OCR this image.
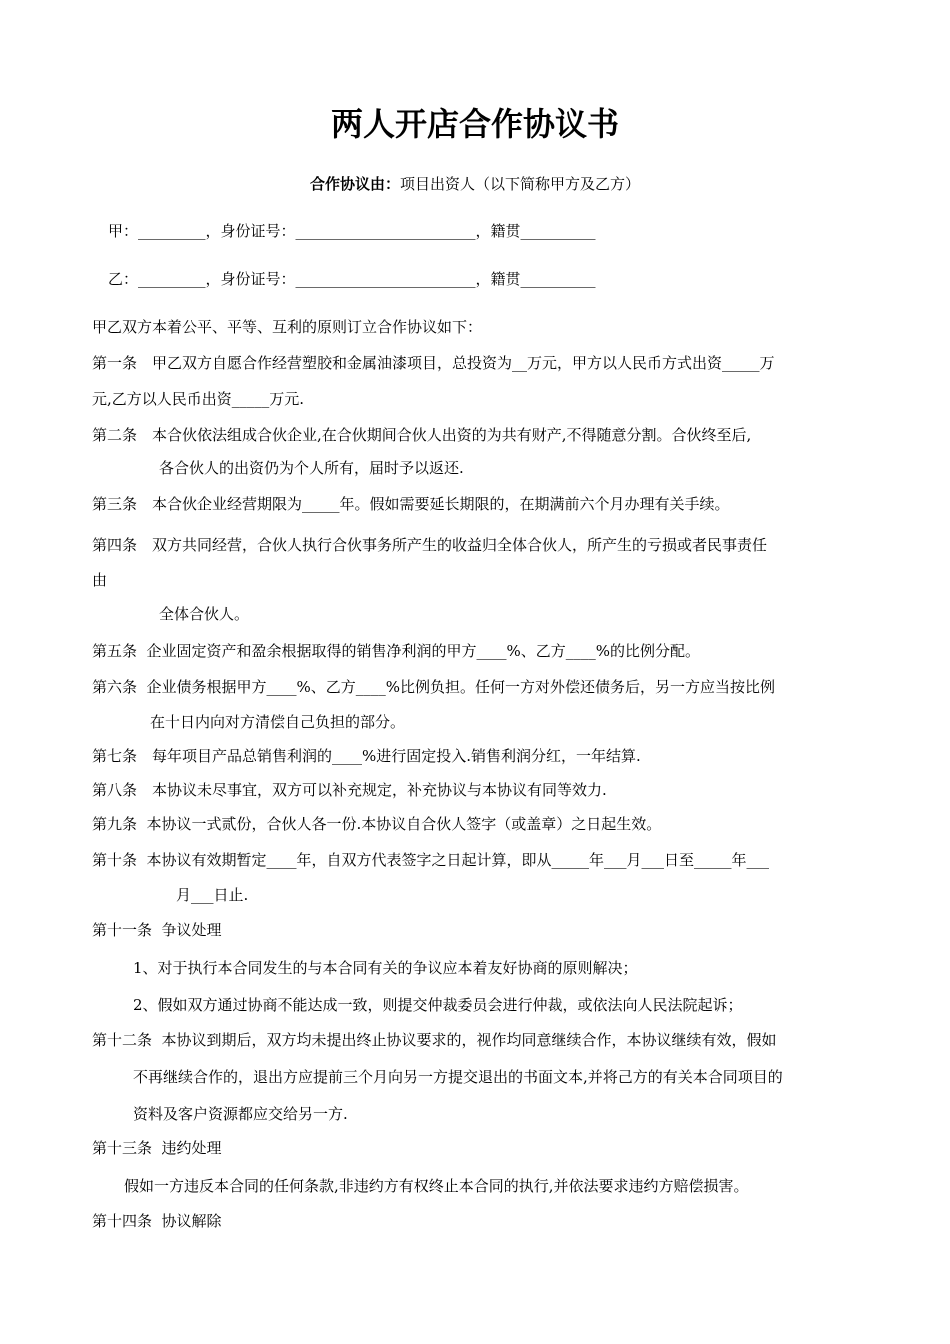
两人开店合作协议书
合作协议由：项目出资人（以下简称甲方及乙方）
甲：_________，身份证号：________________________，籍贯__________
乙：_________，身份证号：________________________，籍贯__________
甲乙双方本着公平、平等、互利的原则订立合作协议如下：
第一条　甲乙双方自愿合作经营塑胶和金属油漆项目，总投资为__万元，甲方以人民币方式出资_____万
元,乙方以人民币出资_____万元.
第二条　本合伙依法组成合伙企业,在合伙期间合伙人出资的为共有财产,不得随意分割。合伙终至后,
各合伙人的出资仍为个人所有，届时予以返还.
第三条　本合伙企业经营期限为_____年。假如需要延长期限的，在期满前六个月办理有关手续。
第四条　双方共同经营，合伙人执行合伙事务所产生的收益归全体合伙人，所产生的亏损或者民事责任
由
全体合伙人。
第五条  企业固定资产和盈余根据取得的销售净利润的甲方____%、乙方____%的比例分配。
第六条  企业债务根据甲方____%、乙方____%比例负担。任何一方对外偿还债务后，另一方应当按比例
在十日内向对方清偿自己负担的部分。
第七条　每年项目产品总销售利润的____%进行固定投入.销售利润分红，一年结算.
第八条　本协议未尽事宜，双方可以补充规定，补充协议与本协议有同等效力.
第九条  本协议一式贰份，合伙人各一份.本协议自合伙人签字（或盖章）之日起生效。
第十条  本协议有效期暂定____年，自双方代表签字之日起计算，即从_____年___月___日至_____年___
月___日止.
第十一条  争议处理
1、对于执行本合同发生的与本合同有关的争议应本着友好协商的原则解决；
2、假如双方通过协商不能达成一致，则提交仲裁委员会进行仲裁，或依法向人民法院起诉；
第十二条  本协议到期后，双方均未提出终止协议要求的，视作均同意继续合作，本协议继续有效，假如
不再继续合作的，退出方应提前三个月向另一方提交退出的书面文本,并将己方的有关本合同项目的
资料及客户资源都应交给另一方.
第十三条  违约处理
假如一方违反本合同的任何条款,非违约方有权终止本合同的执行,并依法要求违约方赔偿损害。
第十四条  协议解除
